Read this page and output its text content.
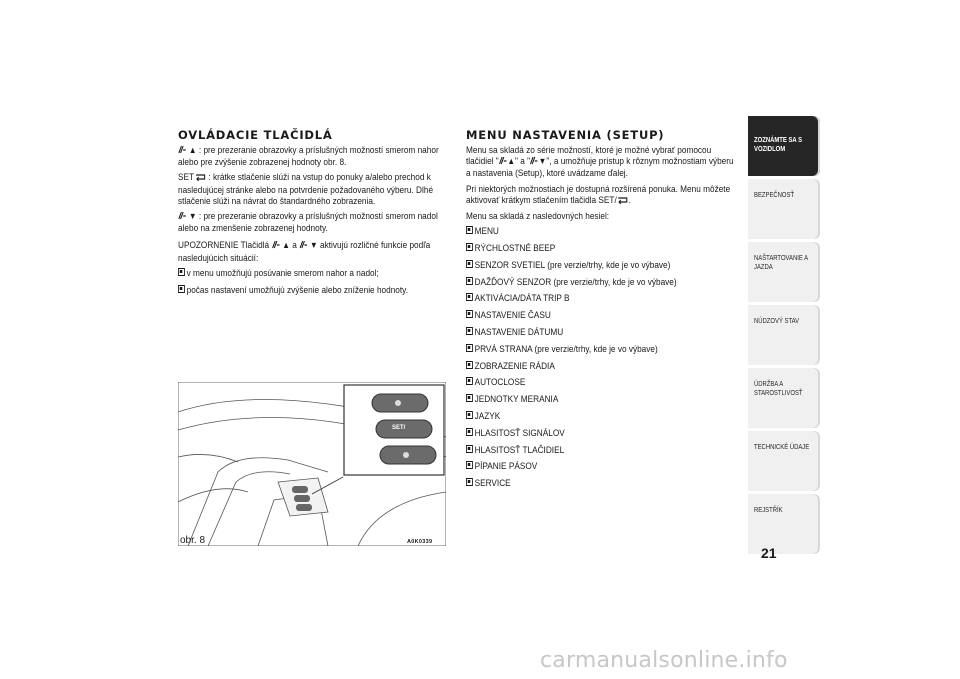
OVLÁDACIE TLAČIDLÁ
▲ : pre prezeranie obrazovky a príslušných možností smerom nahor alebo pre zvýšenie zobrazenej hodnoty obr. 8.
SET : krátke stlačenie slúži na vstup do ponuky a/alebo prechod k nasledujúcej stránke alebo na potvrdenie požadovaného výberu. Dlhé stlačenie slúži na návrat do štandardného zobrazenia.
▼ : pre prezeranie obrazovky a príslušných možností smerom nadol alebo na zmenšenie zobrazenej hodnoty.
UPOZORNENIE Tlačidlá ▲ a ▼ aktivujú rozličné funkcie podľa nasledujúcich situácií:
v menu umožňujú posúvanie smerom nahor a nadol;
počas nastavení umožňujú zvýšenie alebo zníženie hodnoty.
SET/
obr. 8	A0K0339
MENU NASTAVENIA (SETUP)
Menu sa skladá zo série možností, ktoré je možné vybrať pomocou tlačidiel " ▲" a " ▼", a umožňuje prístup k rôznym možnostiam výberu a nastavenia (Setup), ktoré uvádzame ďalej.
Pri niektorých možnostiach je dostupná rozšírená ponuka. Menu môžete aktivovať krátkym stlačením tlačidla SET/ .
Menu sa skladá z nasledovných hesiel:
MENU
RÝCHLOSTNÉ BEEP
SENZOR SVETIEL (pre verzie/trhy, kde je vo výbave)
DAŽĎOVÝ SENZOR (pre verzie/trhy, kde je vo výbave)
AKTIVÁCIA/DÁTA TRIP B
NASTAVENIE ČASU
NASTAVENIE DÁTUMU
PRVÁ STRANA (pre verzie/trhy, kde je vo výbave)
ZOBRAZENIE RÁDIA
AUTOCLOSE
JEDNOTKY MERANIA
JAZYK
HLASITOSŤ SIGNÁLOV
HLASITOSŤ TLAČIDIEL
PÍPANIE PÁSOV
SERVICE
ZOZNÁMTE SA S VOZIDLOM
BEZPEČNOSŤ
NAŠTARTOVANIE A JAZDA
NÚDZOVÝ STAV
ÚDRŽBA A STAROSTLIVOSŤ
TECHNICKÉ ÚDAJE
REJSTŘÍK
21
carmanualsonline.info
